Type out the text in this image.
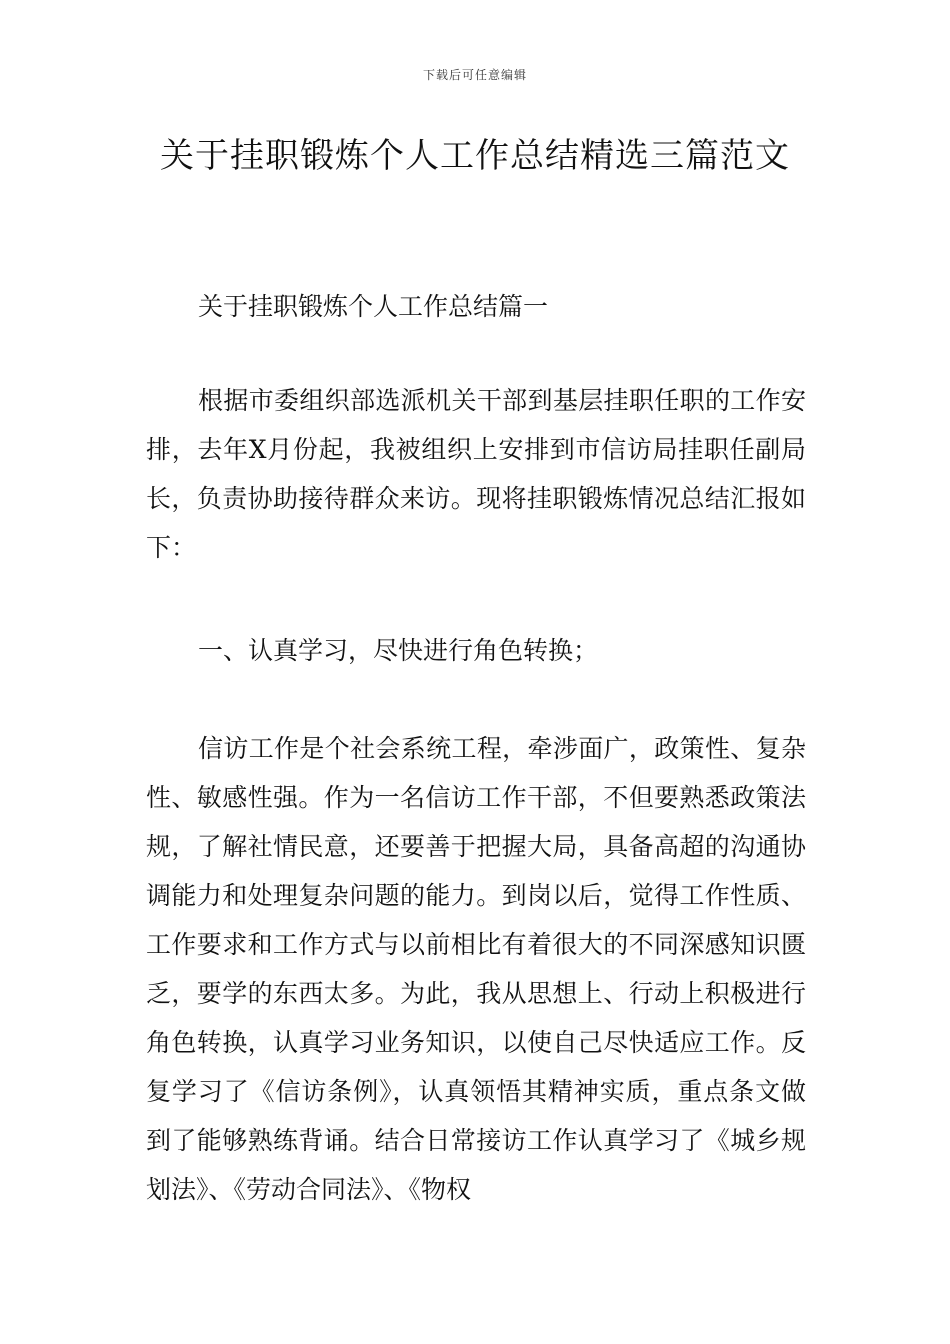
下载后可任意编辑
关于挂职锻炼个人工作总结精选三篇范文
关于挂职锻炼个人工作总结篇一
根据市委组织部选派机关干部到基层挂职任职的工作安排，去年X月份起，我被组织上安排到市信访局挂职任副局长，负责协助接待群众来访。现将挂职锻炼情况总结汇报如下：
一、认真学习，尽快进行角色转换；
信访工作是个社会系统工程，牵涉面广，政策性、复杂性、敏感性强。作为一名信访工作干部，不但要熟悉政策法规，了解社情民意，还要善于把握大局，具备高超的沟通协调能力和处理复杂问题的能力。到岗以后，觉得工作性质、工作要求和工作方式与以前相比有着很大的不同深感知识匮乏，要学的东西太多。为此，我从思想上、行动上积极进行角色转换，认真学习业务知识，以使自己尽快适应工作。反复学习了《信访条例》，认真领悟其精神实质，重点条文做到了能够熟练背诵。结合日常接访工作认真学习了《城乡规划法》、《劳动合同法》、《物权
